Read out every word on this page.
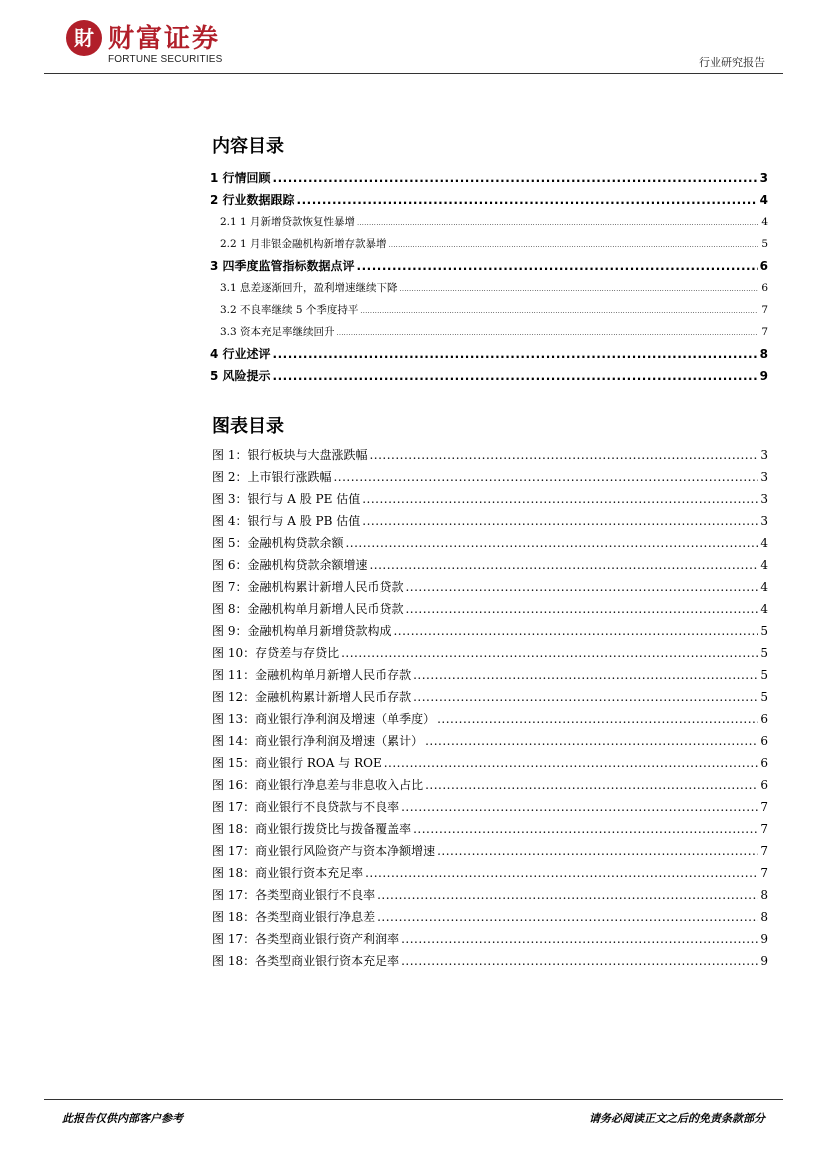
財 财富证券
FORTUNE SECURITIES	行业研究报告
内容目录
1 行情回顾 .....	3
2 行业数据跟踪 .....	4
2.1 1 月新增贷款恢复性暴增 .....	4
2.2 1 月非银金融机构新增存款暴增 .....	5
3 四季度监管指标数据点评 .....	6
3.1 息差逐渐回升，盈利增速继续下降 .....	6
3.2 不良率继续 5 个季度持平 .....	7
3.3 资本充足率继续回升 .....	7
4 行业述评 .....	8
5 风险提示 .....	9
图表目录
图 1：银行板块与大盘涨跌幅 .....	3
图 2：上市银行涨跌幅 .....	3
图 3：银行与 A 股 PE 估值 .....	3
图 4：银行与 A 股 PB 估值 .....	3
图 5：金融机构贷款余额 .....	4
图 6：金融机构贷款余额增速 .....	4
图 7：金融机构累计新增人民币贷款 .....	4
图 8：金融机构单月新增人民币贷款 .....	4
图 9：金融机构单月新增贷款构成 .....	5
图 10：存贷差与存贷比 .....	5
图 11：金融机构单月新增人民币存款 .....	5
图 12：金融机构累计新增人民币存款 .....	5
图 13：商业银行净利润及增速（单季度） .....	6
图 14：商业银行净利润及增速（累计） .....	6
图 15：商业银行 ROA 与 ROE .....	6
图 16：商业银行净息差与非息收入占比 .....	6
图 17：商业银行不良贷款与不良率 .....	7
图 18：商业银行拨贷比与拨备覆盖率 .....	7
图 17：商业银行风险资产与资本净额增速 .....	7
图 18：商业银行资本充足率 .....	7
图 17：各类型商业银行不良率 .....	8
图 18：各类型商业银行净息差 .....	8
图 17：各类型商业银行资产利润率 .....	9
图 18：各类型商业银行资本充足率 .....	9
此报告仅供内部客户参考	请务必阅读正文之后的免责条款部分
